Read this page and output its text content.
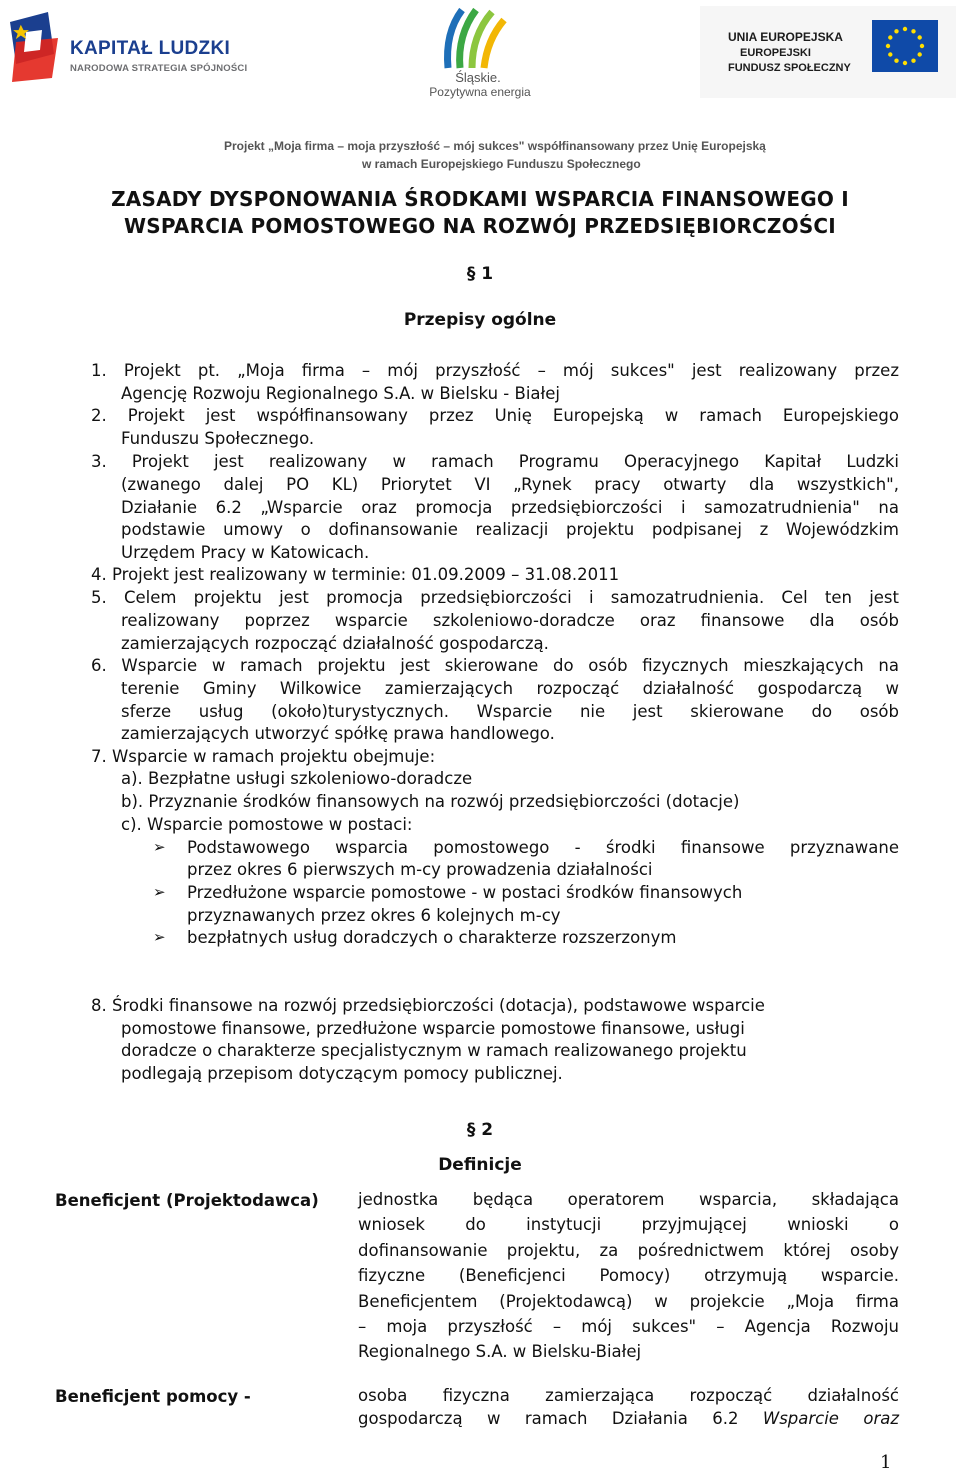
KAPITAŁ LUDZKI
NARODOWA STRATEGIA SPÓJNOŚCI
Śląskie.
Pozytywna energia
UNIA EUROPEJSKA
EUROPEJSKI
FUNDUSZ SPOŁECZNY
Projekt „Moja firma – moja przyszłość – mój sukces" współfinansowany przez Unię Europejską
w ramach Europejskiego Funduszu Społecznego
ZASADY DYSPONOWANIA ŚRODKAMI WSPARCIA FINANSOWEGO I
WSPARCIA POMOSTOWEGO NA ROZWÓJ PRZEDSIĘBIORCZOŚCI
§ 1
Przepisy ogólne
1. Projekt pt. „Moja firma – mój przyszłość – mój sukces" jest realizowany przez
Agencję Rozwoju Regionalnego S.A. w Bielsku - Białej
2. Projekt jest współfinansowany przez Unię Europejską w ramach Europejskiego
Funduszu Społecznego.
3. Projekt jest realizowany w ramach Programu Operacyjnego Kapitał Ludzki
(zwanego dalej PO KL) Priorytet VI „Rynek pracy otwarty dla wszystkich",
Działanie 6.2 „Wsparcie oraz promocja przedsiębiorczości i samozatrudnienia" na
podstawie umowy o dofinansowanie realizacji projektu podpisanej z Wojewódzkim
Urzędem Pracy w Katowicach.
4. Projekt jest realizowany w terminie: 01.09.2009 – 31.08.2011
5. Celem projektu jest promocja przedsiębiorczości i samozatrudnienia. Cel ten jest
realizowany poprzez wsparcie szkoleniowo-doradcze oraz finansowe dla osób
zamierzających rozpocząć działalność gospodarczą.
6. Wsparcie w ramach projektu jest skierowane do osób fizycznych mieszkających na
terenie Gminy Wilkowice zamierzających rozpocząć działalność gospodarczą w
sferze usług (około)turystycznych. Wsparcie nie jest skierowane do osób
zamierzających utworzyć spółkę prawa handlowego.
7. Wsparcie w ramach projektu obejmuje:
a). Bezpłatne usługi szkoleniowo-doradcze
b). Przyznanie środków finansowych na rozwój przedsiębiorczości (dotacje)
c). Wsparcie pomostowe w postaci:
➢ Podstawowego wsparcia pomostowego - środki finansowe przyznawane
przez okres 6 pierwszych m-cy prowadzenia działalności
➢ Przedłużone wsparcie pomostowe - w postaci środków finansowych
przyznawanych przez okres 6 kolejnych m-cy
➢ bezpłatnych usług doradczych o charakterze rozszerzonym
8. Środki finansowe na rozwój przedsiębiorczości (dotacja), podstawowe wsparcie
pomostowe finansowe, przedłużone wsparcie pomostowe finansowe, usługi
doradcze o charakterze specjalistycznym w ramach realizowanego projektu
podlegają przepisom dotyczącym pomocy publicznej.
§ 2
Definicje
Beneficjent (Projektodawca) jednostka będąca operatorem wsparcia, składająca
wniosek do instytucji przyjmującej wnioski o
dofinansowanie projektu, za pośrednictwem której osoby
fizyczne (Beneficjenci Pomocy) otrzymują wsparcie.
Beneficjentem (Projektodawcą) w projekcie „Moja firma
– moja przyszłość – mój sukces" – Agencja Rozwoju
Regionalnego S.A. w Bielsku-Białej
Beneficjent pomocy -	osoba fizyczna zamierzająca rozpocząć działalność
gospodarczą w ramach Działania 6.2 Wsparcie oraz
1
